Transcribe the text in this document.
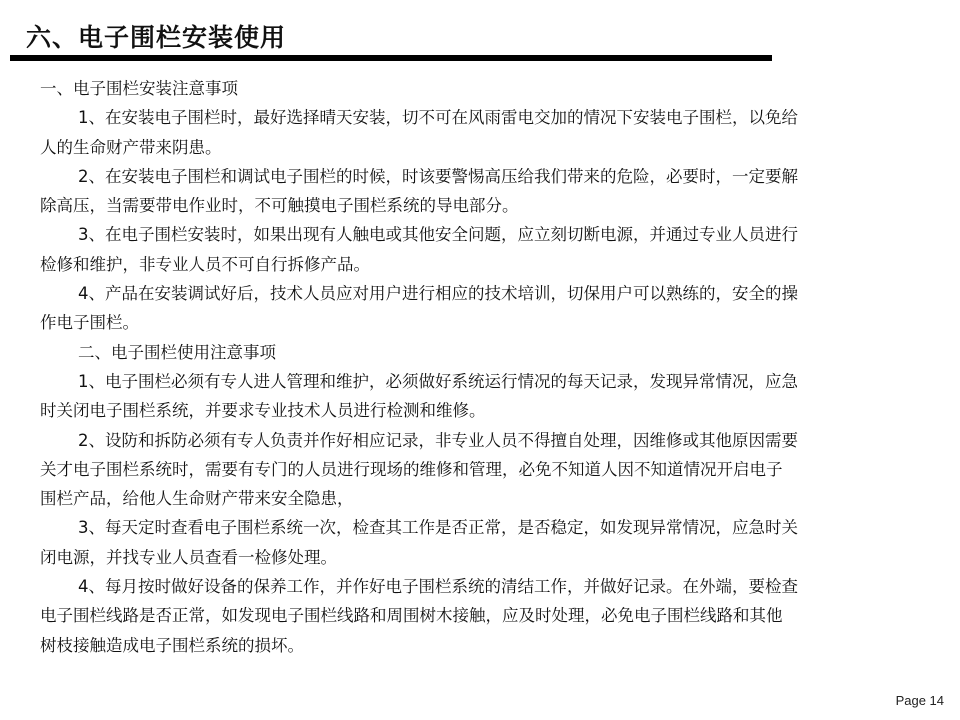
六、电子围栏安装使用
一、电子围栏安装注意事项
1、在安装电子围栏时，最好选择晴天安装，切不可在风雨雷电交加的情况下安装电子围栏，以免给
人的生命财产带来阴患。
2、在安装电子围栏和调试电子围栏的时候，时该要警惕高压给我们带来的危险，必要时，一定要解
除高压，当需要带电作业时，不可触摸电子围栏系统的导电部分。
3、在电子围栏安装时，如果出现有人触电或其他安全问题，应立刻切断电源，并通过专业人员进行
检修和维护，非专业人员不可自行拆修产品。
4、产品在安装调试好后，技术人员应对用户进行相应的技术培训，切保用户可以熟练的，安全的操
作电子围栏。
二、电子围栏使用注意事项
1、电子围栏必须有专人进人管理和维护，必须做好系统运行情况的每天记录，发现异常情况，应急
时关闭电子围栏系统，并要求专业技术人员进行检测和维修。
2、设防和拆防必须有专人负责并作好相应记录，非专业人员不得擅自处理，因维修或其他原因需要
关才电子围栏系统时，需要有专门的人员进行现场的维修和管理，必免不知道人因不知道情况开启电子
围栏产品，给他人生命财产带来安全隐患，
3、每天定时查看电子围栏系统一次，检查其工作是否正常，是否稳定，如发现异常情况，应急时关
闭电源，并找专业人员查看一检修处理。
4、每月按时做好设备的保养工作，并作好电子围栏系统的清结工作，并做好记录。在外端，要检查
电子围栏线路是否正常，如发现电子围栏线路和周围树木接触，应及时处理，必免电子围栏线路和其他
树枝接触造成电子围栏系统的损坏。
Page 14
